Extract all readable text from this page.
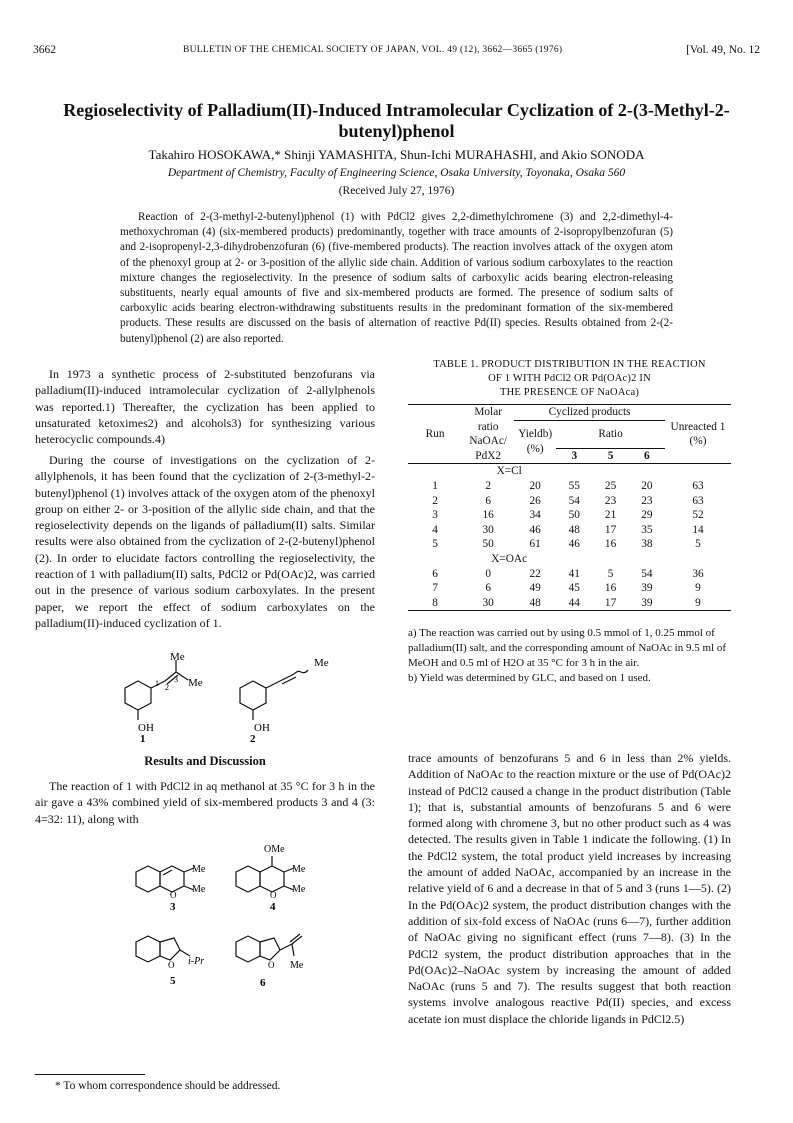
3662	BULLETIN OF THE CHEMICAL SOCIETY OF JAPAN, VOL. 49 (12), 3662—3665 (1976)	[Vol. 49, No. 12
Regioselectivity of Palladium(II)-Induced Intramolecular Cyclization of 2-(3-Methyl-2-butenyl)phenol
Takahiro HOSOKAWA,* Shinji YAMASHITA, Shun-Ichi MURAHASHI, and Akio SONODA
Department of Chemistry, Faculty of Engineering Science, Osaka University, Toyonaka, Osaka 560
(Received July 27, 1976)
Reaction of 2-(3-methyl-2-butenyl)phenol (1) with PdCl2 gives 2,2-dimethylchromene (3) and 2,2-dimethyl-4-methoxychroman (4) (six-membered products) predominantly, together with trace amounts of 2-isopropylbenzofuran (5) and 2-isopropenyl-2,3-dihydrobenzofuran (6) (five-membered products). The reaction involves attack of the oxygen atom of the phenoxyl group at 2- or 3-position of the allylic side chain. Addition of various sodium carboxylates to the reaction mixture changes the regioselectivity. In the presence of sodium salts of carboxylic acids bearing electron-releasing substituents, nearly equal amounts of five and six-membered products are formed. The presence of sodium salts of carboxylic acids bearing electron-withdrawing substituents results in the predominant formation of the six-membered products. These results are discussed on the basis of alternation of reactive Pd(II) species. Results obtained from 2-(2-butenyl)phenol (2) are also reported.

In 1973 a synthetic process of 2-substituted benzofurans via palladium(II)-induced intramolecular cyclization of 2-allylphenols was reported.1) Thereafter, the cyclization has been applied to unsaturated ketoximes2) and alcohols3) for synthesizing various heterocyclic compounds.4)

During the course of investigations on the cyclization of 2-allylphenols, it has been found that the cyclization of 2-(3-methyl-2-butenyl)phenol (1) involves attack of the oxygen atom of the phenoxyl group on either 2- or 3-position of the allylic side chain, and that the regioselectivity depends on the ligands of palladium(II) salts. Similar results were also obtained from the cyclization of 2-(2-butenyl)phenol (2). In order to elucidate factors controlling the regioselectivity, the reaction of 1 with palladium(II) salts, PdCl2 or Pd(OAc)2, was carried out in the presence of various sodium carboxylates. In the present paper, we report the effect of sodium carboxylates on the palladium(II)-induced cyclization of 1.

Me
Me
OH
1 2
3
1
Me
OH
2
Results and Discussion

The reaction of 1 with PdCl2 in aq methanol at 35 °C for 3 h in the air gave a 43% combined yield of six-membered products 3 and 4 (3: 4=32: 11), along with

O
Me
Me
3
OMe
O
Me
Me
4
O i-Pr
5
O Me
6
* To whom correspondence should be addressed.
TABLE 1. PRODUCT DISTRIBUTION IN THE REACTION
OF 1 WITH PdCl2 OR Pd(OAc)2 IN
THE PRESENCE OF NaOAca)
Run	Molar ratio NaOAc/ PdX2	Cyclized products				Unreacted 1 (%)
		Yieldb) (%)	Ratio			
			3	5	6	
	X=Cl					
1	2	20	55	25	20	63
2	6	26	54	23	23	63
3	16	34	50	21	29	52
4	30	46	48	17	35	14
5	50	61	46	16	38	5
	X=OAc					
6	0	22	41	5	54	36
7	6	49	45	16	39	9
8	30	48	44	17	39	9
a) The reaction was carried out by using 0.5 mmol of 1, 0.25 mmol of palladium(II) salt, and the corresponding amount of NaOAc in 9.5 ml of MeOH and 0.5 ml of H2O at 35 °C for 3 h in the air.
b) Yield was determined by GLC, and based on 1 used.

trace amounts of benzofurans 5 and 6 in less than 2% yields. Addition of NaOAc to the reaction mixture or the use of Pd(OAc)2 instead of PdCl2 caused a change in the product distribution (Table 1); that is, substantial amounts of benzofurans 5 and 6 were formed along with chromene 3, but no other product such as 4 was detected. The results given in Table 1 indicate the following. (1) In the PdCl2 system, the total product yield increases by increasing the amount of added NaOAc, accompanied by an increase in the relative yield of 6 and a decrease in that of 5 and 3 (runs 1—5). (2) In the Pd(OAc)2 system, the product distribution changes with the addition of six-fold excess of NaOAc (runs 6—7), further addition of NaOAc giving no significant effect (runs 7—8). (3) In the PdCl2 system, the product distribution approaches that in the Pd(OAc)2–NaOAc system by increasing the amount of added NaOAc (runs 5 and 7). The results suggest that both reaction systems involve analogous reactive Pd(II) species, and excess acetate ion must displace the chloride ligands in PdCl2.5)
